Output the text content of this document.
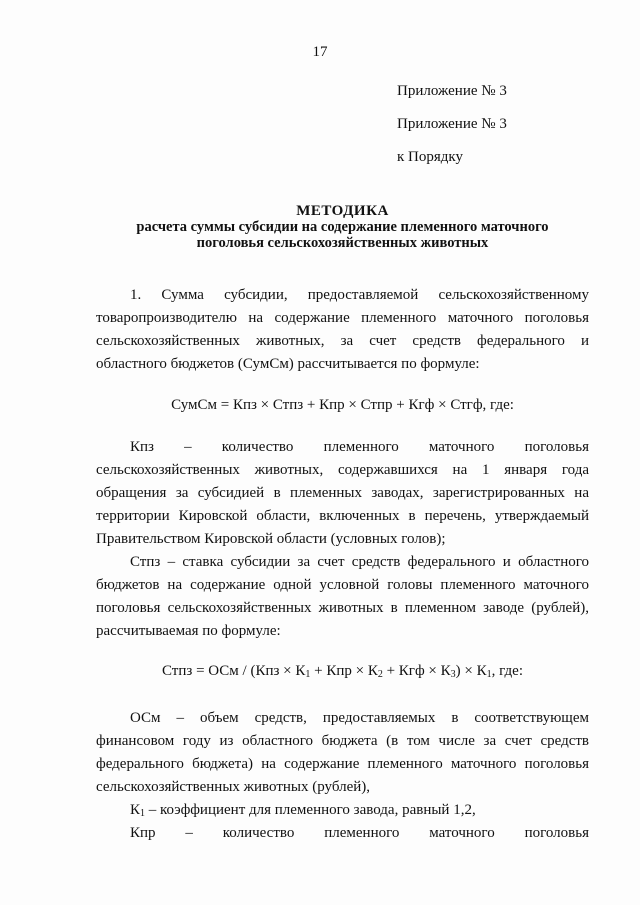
17
Приложение № 3
Приложение № 3
к Порядку
МЕТОДИКА
расчета суммы субсидии на содержание племенного маточного
поголовья сельскохозяйственных животных
1. Сумма субсидии, предоставляемой сельскохозяйственному
товаропроизводителю на содержание племенного маточного поголовья
сельскохозяйственных животных, за счет средств федерального и
областного бюджетов (СумСм) рассчитывается по формуле:
СумСм = Кпз × Стпз + Кпр × Стпр + Кгф × Стгф, где:
Кпз – количество племенного маточного поголовья
сельскохозяйственных животных, содержавшихся на 1 января года
обращения за субсидией в племенных заводах, зарегистрированных на
территории Кировской области, включенных в перечень, утверждаемый
Правительством Кировской области (условных голов);
Стпз – ставка субсидии за счет средств федерального и областного
бюджетов на содержание одной условной головы племенного маточного
поголовья сельскохозяйственных животных в племенном заводе (рублей),
рассчитываемая по формуле:
Стпз = ОСм / ($Кпз \times К_1$ + Кпр × $К_2$ + Кгф × $К_3) \times К_1$, где:
ОСм – объем средств, предоставляемых в соответствующем
финансовом году из областного бюджета (в том числе за счет средств
федерального бюджета) на содержание племенного маточного поголовья
сельскохозяйственных животных (рублей),
$К_1$ – коэффициент для племенного завода, равный 1,2,
Кпр – количество племенного маточного поголовья
